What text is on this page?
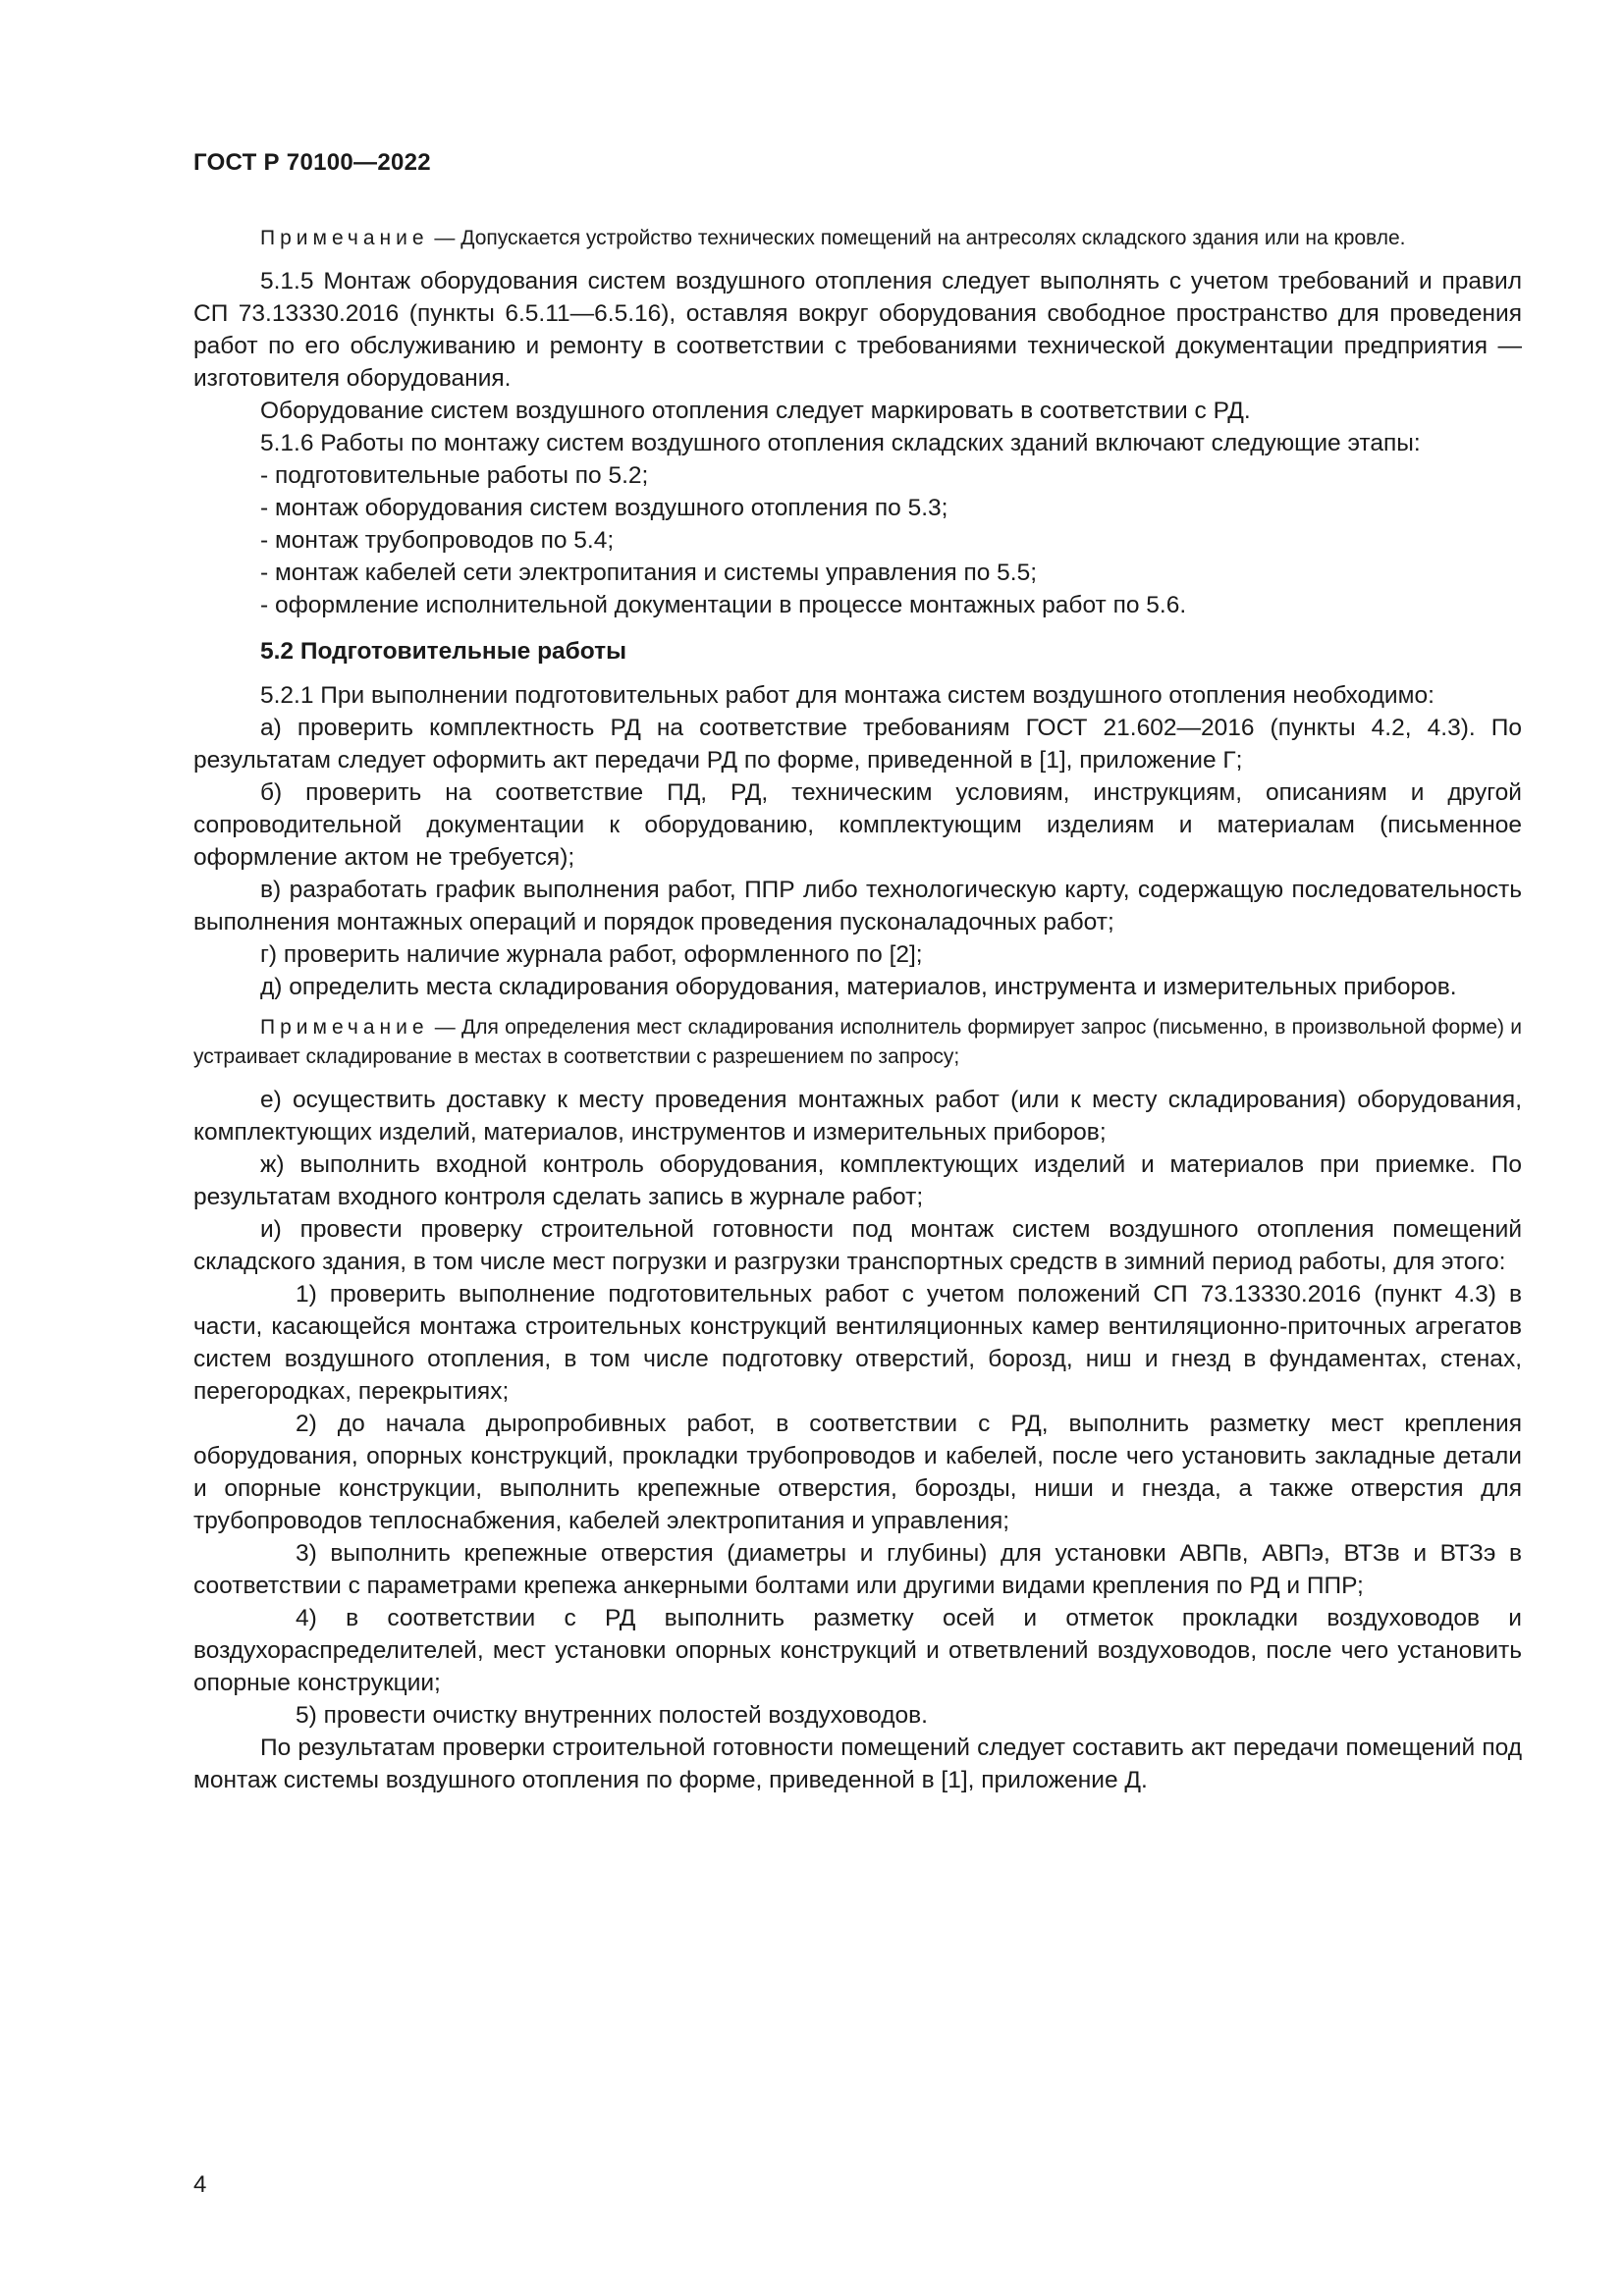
ГОСТ Р 70100—2022

Примечание — Допускается устройство технических помещений на антресолях складского здания или на кровле.

5.1.5 Монтаж оборудования систем воздушного отопления следует выполнять с учетом требований и правил СП 73.13330.2016 (пункты 6.5.11—6.5.16), оставляя вокруг оборудования свободное пространство для проведения работ по его обслуживанию и ремонту в соответствии с требованиями технической документации предприятия — изготовителя оборудования.

Оборудование систем воздушного отопления следует маркировать в соответствии с РД.

5.1.6 Работы по монтажу систем воздушного отопления складских зданий включают следующие этапы:

- подготовительные работы по 5.2;

- монтаж оборудования систем воздушного отопления по 5.3;

- монтаж трубопроводов по 5.4;

- монтаж кабелей сети электропитания и системы управления по 5.5;

- оформление исполнительной документации в процессе монтажных работ по 5.6.

5.2 Подготовительные работы

5.2.1 При выполнении подготовительных работ для монтажа систем воздушного отопления необходимо:

а) проверить комплектность РД на соответствие требованиям ГОСТ 21.602—2016 (пункты 4.2, 4.3). По результатам следует оформить акт передачи РД по форме, приведенной в [1], приложение Г;

б) проверить на соответствие ПД, РД, техническим условиям, инструкциям, описаниям и другой сопроводительной документации к оборудованию, комплектующим изделиям и материалам (письменное оформление актом не требуется);

в) разработать график выполнения работ, ППР либо технологическую карту, содержащую последовательность выполнения монтажных операций и порядок проведения пусконаладочных работ;

г) проверить наличие журнала работ, оформленного по [2];

д) определить места складирования оборудования, материалов, инструмента и измерительных приборов.

Примечание — Для определения мест складирования исполнитель формирует запрос (письменно, в произвольной форме) и устраивает складирование в местах в соответствии с разрешением по запросу;

е) осуществить доставку к месту проведения монтажных работ (или к месту складирования) оборудования, комплектующих изделий, материалов, инструментов и измерительных приборов;

ж) выполнить входной контроль оборудования, комплектующих изделий и материалов при приемке. По результатам входного контроля сделать запись в журнале работ;

и) провести проверку строительной готовности под монтаж систем воздушного отопления помещений складского здания, в том числе мест погрузки и разгрузки транспортных средств в зимний период работы, для этого:

1) проверить выполнение подготовительных работ с учетом положений СП 73.13330.2016 (пункт 4.3) в части, касающейся монтажа строительных конструкций вентиляционных камер вентиляционно-приточных агрегатов систем воздушного отопления, в том числе подготовку отверстий, борозд, ниш и гнезд в фундаментах, стенах, перегородках, перекрытиях;

2) до начала дыропробивных работ, в соответствии с РД, выполнить разметку мест крепления оборудования, опорных конструкций, прокладки трубопроводов и кабелей, после чего установить закладные детали и опорные конструкции, выполнить крепежные отверстия, борозды, ниши и гнезда, а также отверстия для трубопроводов теплоснабжения, кабелей электропитания и управления;

3) выполнить крепежные отверстия (диаметры и глубины) для установки АВПв, АВПэ, ВТЗв и ВТЗэ в соответствии с параметрами крепежа анкерными болтами или другими видами крепления по РД и ППР;

4) в соответствии с РД выполнить разметку осей и отметок прокладки воздуховодов и воздухораспределителей, мест установки опорных конструкций и ответвлений воздуховодов, после чего установить опорные конструкции;

5) провести очистку внутренних полостей воздуховодов.

По результатам проверки строительной готовности помещений следует составить акт передачи помещений под монтаж системы воздушного отопления по форме, приведенной в [1], приложение Д.

4
